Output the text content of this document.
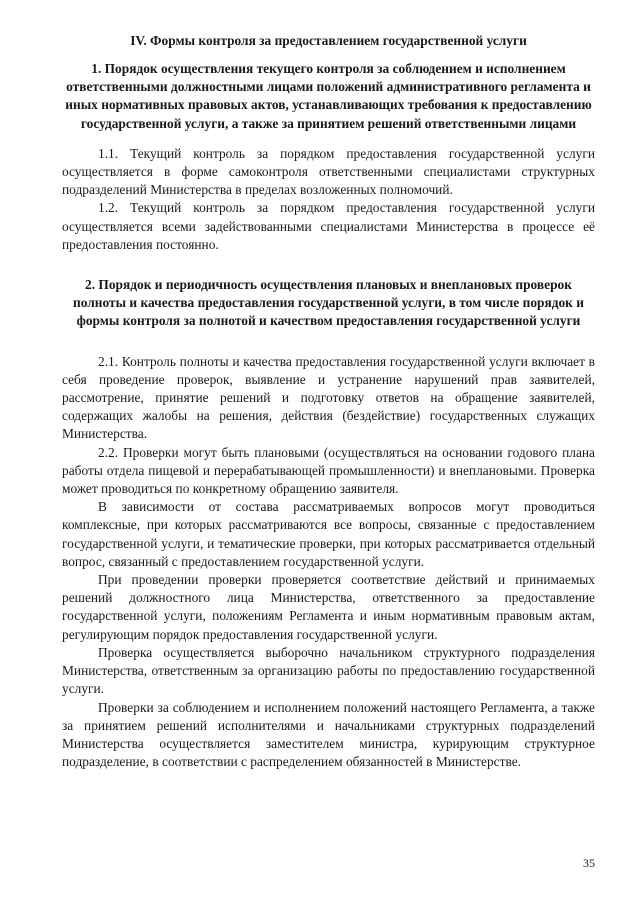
IV. Формы контроля за предоставлением государственной услуги
1. Порядок осуществления текущего контроля за соблюдением и исполнением ответственными должностными лицами положений административного регламента и иных нормативных правовых актов, устанавливающих требования к предоставлению государственной услуги, а также за принятием решений ответственными лицами

1.1. Текущий контроль за порядком предоставления государственной услуги осуществляется в форме самоконтроля ответственными специалистами структурных подразделений Министерства в пределах возложенных полномочий.

1.2. Текущий контроль за порядком предоставления государственной услуги осуществляется всеми задействованными специалистами Министерства в процессе её предоставления постоянно.

2. Порядок и периодичность осуществления плановых и внеплановых проверок полноты и качества предоставления государственной услуги, в том числе порядок и формы контроля за полнотой и качеством предоставления государственной услуги

2.1. Контроль полноты и качества предоставления государственной услуги включает в себя проведение проверок, выявление и устранение нарушений прав заявителей, рассмотрение, принятие решений и подготовку ответов на обращение заявителей, содержащих жалобы на решения, действия (бездействие) государственных служащих Министерства.

2.2. Проверки могут быть плановыми (осуществляться на основании годового плана работы отдела пищевой и перерабатывающей промышленности) и внеплановыми. Проверка может проводиться по конкретному обращению заявителя.

В зависимости от состава рассматриваемых вопросов могут проводиться комплексные, при которых рассматриваются все вопросы, связанные с предоставлением государственной услуги, и тематические проверки, при которых рассматривается отдельный вопрос, связанный с предоставлением государственной услуги.

При проведении проверки проверяется соответствие действий и принимаемых решений должностного лица Министерства, ответственного за предоставление государственной услуги, положениям Регламента и иным нормативным правовым актам, регулирующим порядок предоставления государственной услуги.

Проверка осуществляется выборочно начальником структурного подразделения Министерства, ответственным за организацию работы по предоставлению государственной услуги.

Проверки за соблюдением и исполнением положений настоящего Регламента, а также за принятием решений исполнителями и начальниками структурных подразделений Министерства осуществляется заместителем министра, курирующим структурное подразделение, в соответствии с распределением обязанностей в Министерстве.

35
